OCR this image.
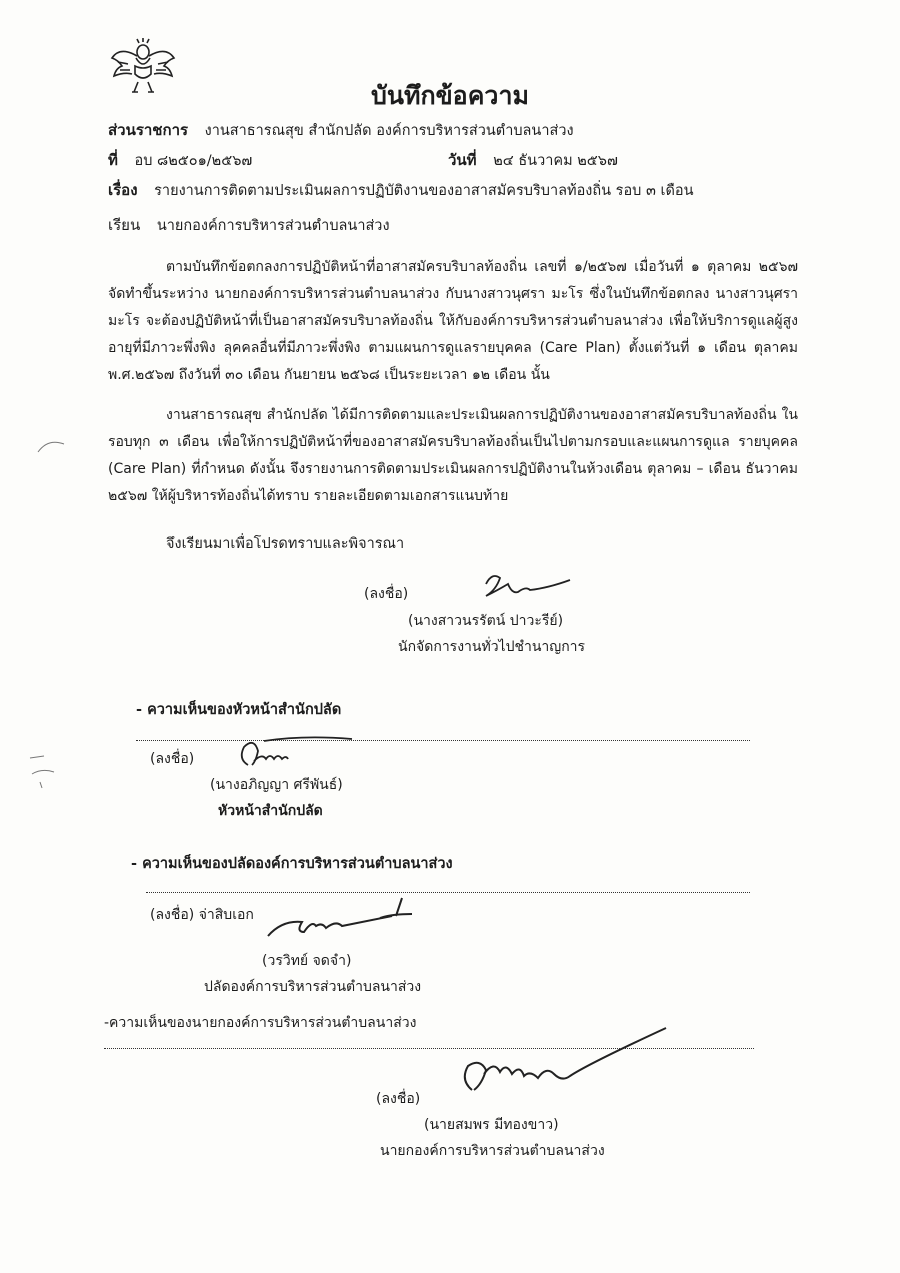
บันทึกข้อความ
ส่วนราชการ งานสาธารณสุข สำนักปลัด องค์การบริหารส่วนตำบลนาส่วง
ที่ อบ ๘๒๕๐๑/๒๕๖๗	วันที่ ๒๔ ธันวาคม ๒๕๖๗
เรื่อง รายงานการติดตามประเมินผลการปฏิบัติงานของอาสาสมัครบริบาลท้องถิ่น รอบ ๓ เดือน
เรียน นายกองค์การบริหารส่วนตำบลนาส่วง

ตามบันทึกข้อตกลงการปฏิบัติหน้าที่อาสาสมัครบริบาลท้องถิ่น เลขที่ ๑/๒๕๖๗ เมื่อวันที่ ๑ ตุลาคม ๒๕๖๗ จัดทำขึ้นระหว่าง นายกองค์การบริหารส่วนตำบลนาส่วง กับนางสาวนุศรา มะโร ซึ่งในบันทึกข้อตกลง นางสาวนุศรา มะโร จะต้องปฏิบัติหน้าที่เป็นอาสาสมัครบริบาลท้องถิ่น ให้กับองค์การบริหารส่วนตำบลนาส่วง เพื่อให้บริการดูแลผู้สูงอายุที่มีภาวะพึ่งพิง ลุคคลอื่นที่มีภาวะพึ่งพิง ตามแผนการดูแลรายบุคคล (Care Plan) ตั้งแต่วันที่ ๑ เดือน ตุลาคม พ.ศ.๒๕๖๗ ถึงวันที่ ๓๐ เดือน กันยายน ๒๕๖๘ เป็นระยะเวลา ๑๒ เดือน นั้น

งานสาธารณสุข สำนักปลัด ได้มีการติดตามและประเมินผลการปฏิบัติงานของอาสาสมัครบริบาลท้องถิ่น ในรอบทุก ๓ เดือน เพื่อให้การปฏิบัติหน้าที่ของอาสาสมัครบริบาลท้องถิ่นเป็นไปตามกรอบและแผนการดูแล รายบุคคล (Care Plan) ที่กำหนด ดังนั้น จึงรายงานการติดตามประเมินผลการปฏิบัติงานในห้วงเดือน ตุลาคม – เดือน ธันวาคม ๒๕๖๗ ให้ผู้บริหารท้องถิ่นได้ทราบ รายละเอียดตามเอกสารแนบท้าย

จึงเรียนมาเพื่อโปรดทราบและพิจารณา
(ลงชื่อ)
(นางสาวนรรัตน์ ปาวะรีย์)
นักจัดการงานทั่วไปชำนาญการ
- ความเห็นของหัวหน้าสำนักปลัด
(ลงชื่อ)
(นางอภิญญา ศรีพันธ์)
หัวหน้าสำนักปลัด
- ความเห็นของปลัดองค์การบริหารส่วนตำบลนาส่วง
(ลงชื่อ) จ่าสิบเอก
(วรวิทย์ จดจำ)
ปลัดองค์การบริหารส่วนตำบลนาส่วง
-ความเห็นของนายกองค์การบริหารส่วนตำบลนาส่วง
(ลงชื่อ)
(นายสมพร มีทองขาว)
นายกองค์การบริหารส่วนตำบลนาส่วง
